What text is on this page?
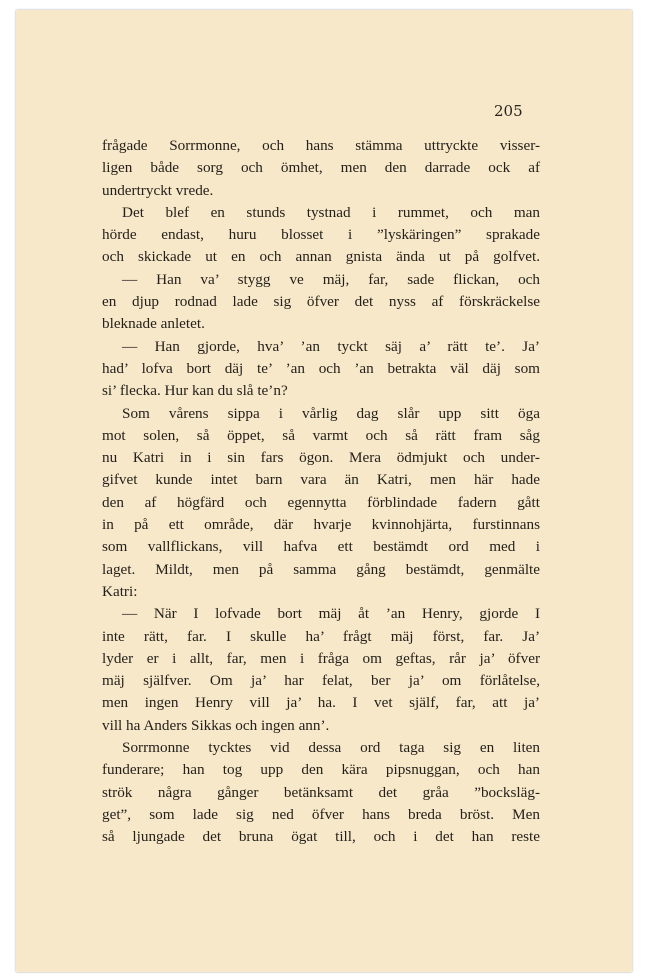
205
frågade Sorrmonne, och hans stämma uttryckte visser-
ligen både sorg och ömhet, men den darrade ock af
undertryckt vrede.
Det blef en stunds tystnad i rummet, och man
hörde endast, huru blosset i ”lyskäringen” sprakade
och skickade ut en och annan gnista ända ut på golfvet.
— Han va’ stygg ve mäj, far, sade flickan, och
en djup rodnad lade sig öfver det nyss af förskräckelse
bleknade anletet.
— Han gjorde, hva’ ’an tyckt säj a’ rätt te’. Ja’
had’ lofva bort däj te’ ’an och ’an betrakta väl däj som
si’ flecka. Hur kan du slå te’n?
Som vårens sippa i vårlig dag slår upp sitt öga
mot solen, så öppet, så varmt och så rätt fram såg
nu Katri in i sin fars ögon. Mera ödmjukt och under-
gifvet kunde intet barn vara än Katri, men här hade
den af högfärd och egennytta förblindade fadern gått
in på ett område, där hvarje kvinnohjärta, furstinnans
som vallflickans, vill hafva ett bestämdt ord med i
laget. Mildt, men på samma gång bestämdt, genmälte
Katri:
— När I lofvade bort mäj åt ’an Henry, gjorde I
inte rätt, far. I skulle ha’ frågt mäj först, far. Ja’
lyder er i allt, far, men i fråga om geftas, rår ja’ öfver
mäj själfver. Om ja’ har felat, ber ja’ om förlåtelse,
men ingen Henry vill ja’ ha. I vet själf, far, att ja’
vill ha Anders Sikkas och ingen ann’.
Sorrmonne tycktes vid dessa ord taga sig en liten
funderare; han tog upp den kära pipsnuggan, och han
strök några gånger betänksamt det gråa ”bocksläg-
get”, som lade sig ned öfver hans breda bröst. Men
så ljungade det bruna ögat till, och i det han reste
